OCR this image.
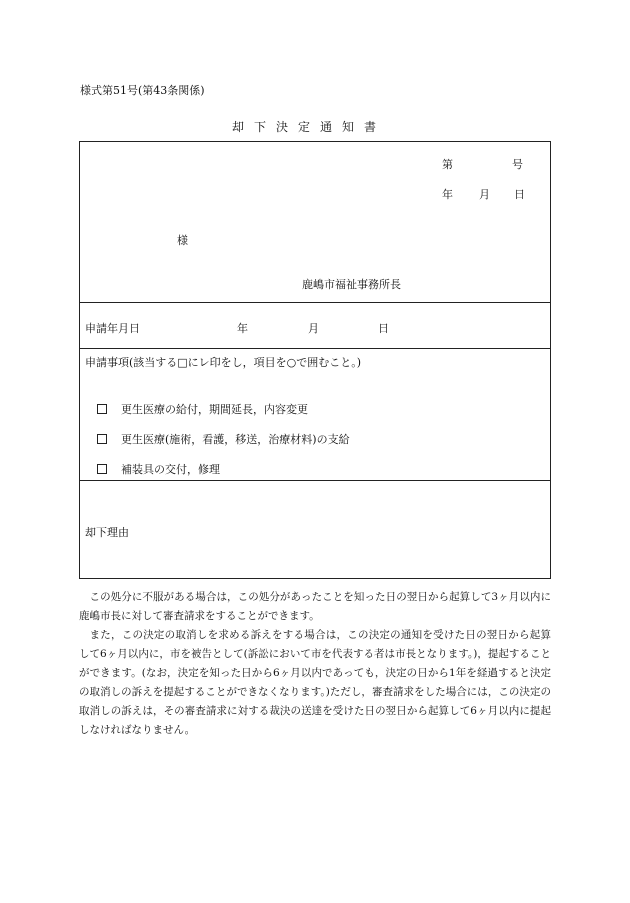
様式第51号(第43条関係)
却下決定通知書
第	号
年 月 日
様
鹿嶋市福祉事務所長
申請年月日	年	月	日
申請事項(該当する□にレ印をし，項目を○で囲むこと。)
更生医療の給付，期間延長，内容変更
更生医療(施術，看護，移送，治療材料)の支給
補装具の交付，修理
却下理由

この処分に不服がある場合は，この処分があったことを知った日の翌日から起算して3ヶ月以内に鹿嶋市長に対して審査請求をすることができます。

また，この決定の取消しを求める訴えをする場合は，この決定の通知を受けた日の翌日から起算して6ヶ月以内に，市を被告として(訴訟において市を代表する者は市長となります。)，提起することができます。(なお，決定を知った日から6ヶ月以内であっても，決定の日から1年を経過すると決定の取消しの訴えを提起することができなくなります。)ただし，審査請求をした場合には，この決定の取消しの訴えは，その審査請求に対する裁決の送達を受けた日の翌日から起算して6ヶ月以内に提起しなければなりません。
